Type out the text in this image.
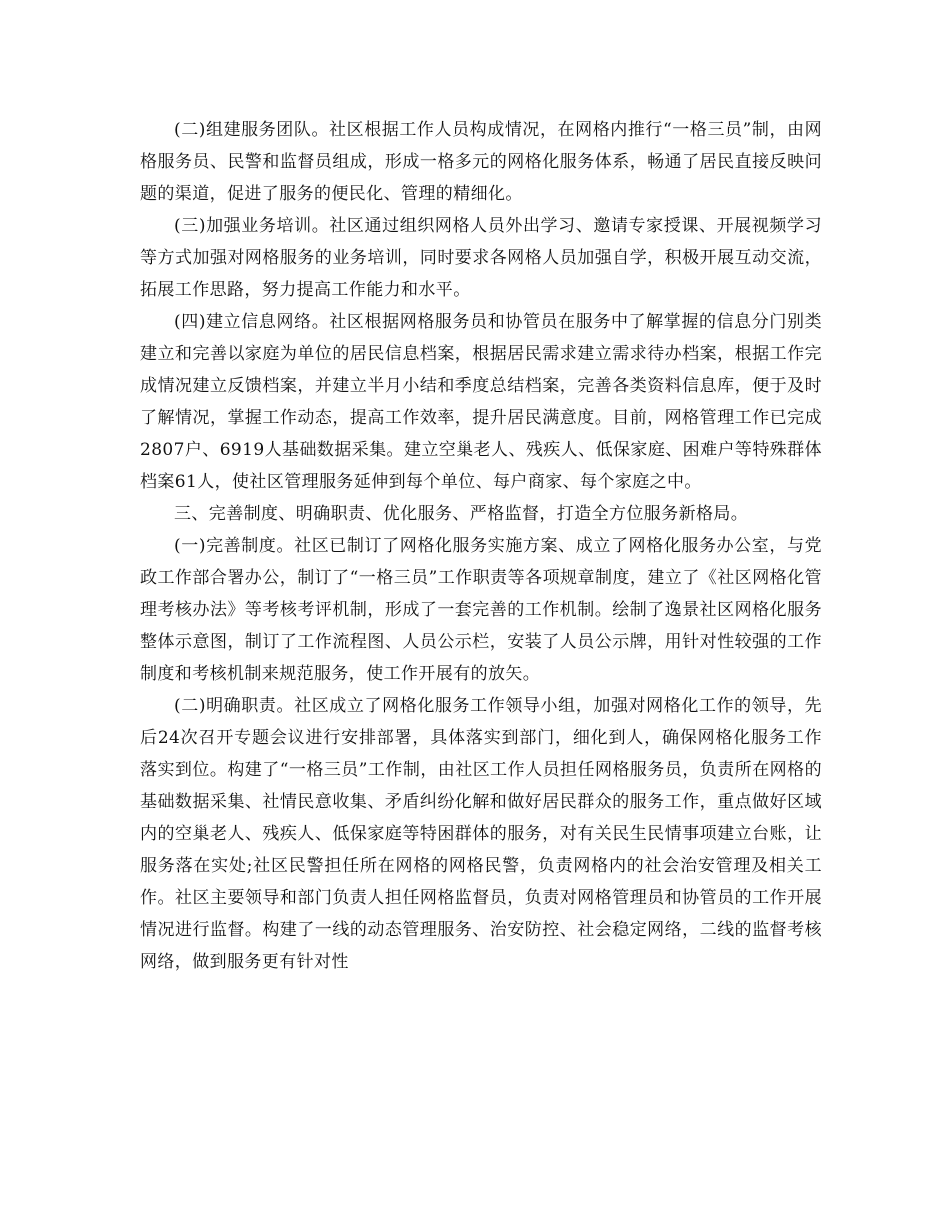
(二)组建服务团队。社区根据工作人员构成情况，在网格内推行“一格三员”制，由网格服务员、民警和监督员组成，形成一格多元的网格化服务体系，畅通了居民直接反映问题的渠道，促进了服务的便民化、管理的精细化。

(三)加强业务培训。社区通过组织网格人员外出学习、邀请专家授课、开展视频学习等方式加强对网格服务的业务培训，同时要求各网格人员加强自学，积极开展互动交流，拓展工作思路，努力提高工作能力和水平。

(四)建立信息网络。社区根据网格服务员和协管员在服务中了解掌握的信息分门别类建立和完善以家庭为单位的居民信息档案，根据居民需求建立需求待办档案，根据工作完成情况建立反馈档案，并建立半月小结和季度总结档案，完善各类资料信息库，便于及时了解情况，掌握工作动态，提高工作效率，提升居民满意度。目前，网格管理工作已完成2807户、6919人基础数据采集。建立空巢老人、残疾人、低保家庭、困难户等特殊群体档案61人，使社区管理服务延伸到每个单位、每户商家、每个家庭之中。

三、完善制度、明确职责、优化服务、严格监督，打造全方位服务新格局。

(一)完善制度。社区已制订了网格化服务实施方案、成立了网格化服务办公室，与党政工作部合署办公，制订了“一格三员”工作职责等各项规章制度，建立了《社区网格化管理考核办法》等考核考评机制，形成了一套完善的工作机制。绘制了逸景社区网格化服务整体示意图，制订了工作流程图、人员公示栏，安装了人员公示牌，用针对性较强的工作制度和考核机制来规范服务，使工作开展有的放矢。

(二)明确职责。社区成立了网格化服务工作领导小组，加强对网格化工作的领导，先后24次召开专题会议进行安排部署，具体落实到部门，细化到人，确保网格化服务工作落实到位。构建了“一格三员”工作制，由社区工作人员担任网格服务员，负责所在网格的基础数据采集、社情民意收集、矛盾纠纷化解和做好居民群众的服务工作，重点做好区域内的空巢老人、残疾人、低保家庭等特困群体的服务，对有关民生民情事项建立台账，让服务落在实处;社区民警担任所在网格的网格民警，负责网格内的社会治安管理及相关工作。社区主要领导和部门负责人担任网格监督员，负责对网格管理员和协管员的工作开展情况进行监督。构建了一线的动态管理服务、治安防控、社会稳定网络，二线的监督考核网络，做到服务更有针对性
